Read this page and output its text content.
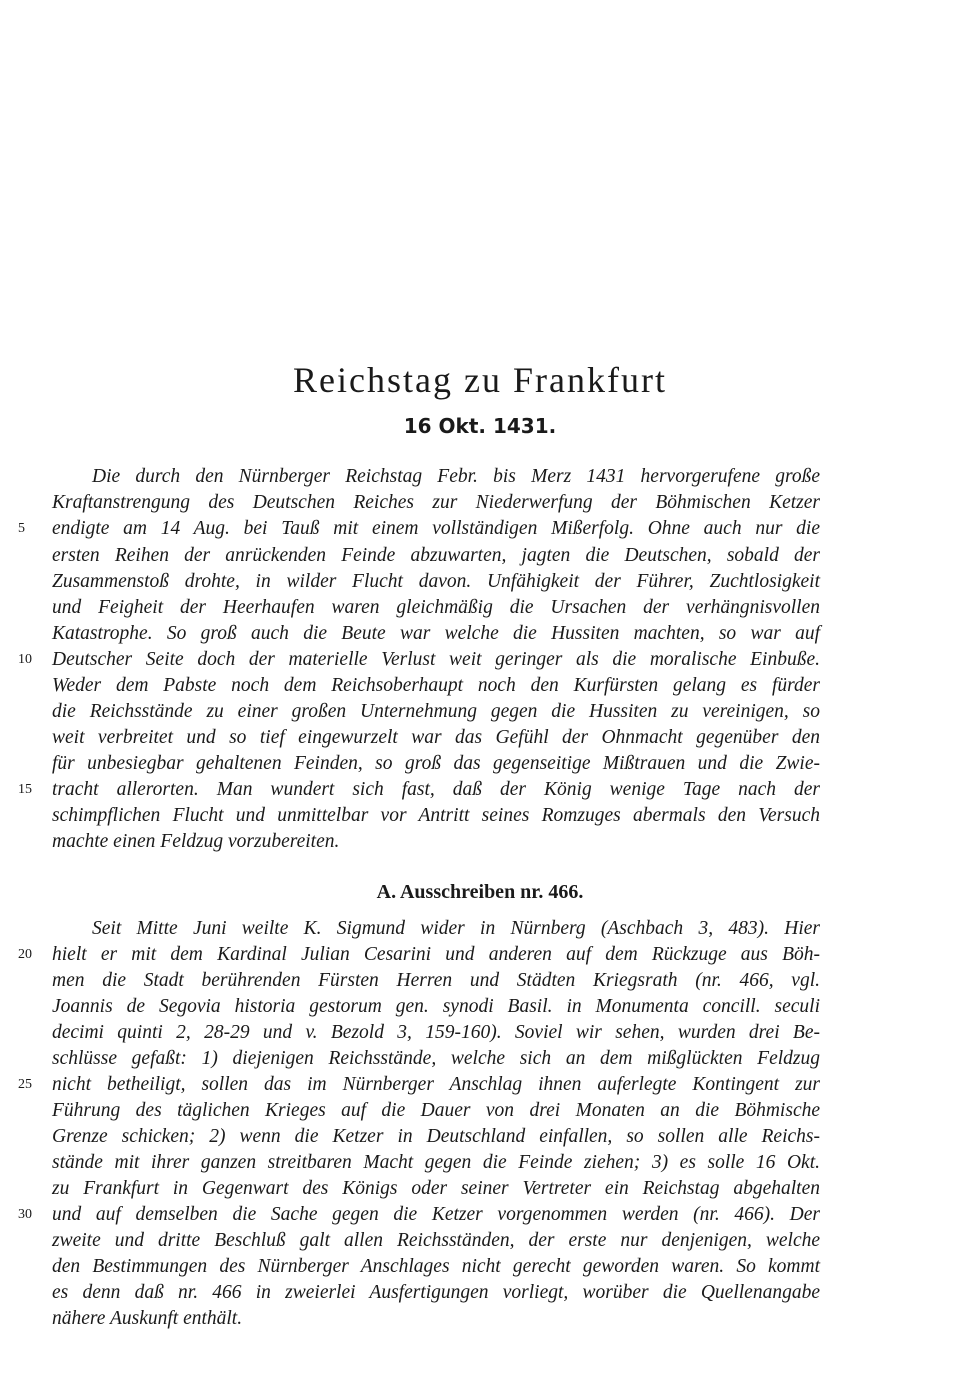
Reichstag zu Frankfurt
16 Okt. 1431.
Die durch den Nürnberger Reichstag Febr. bis Merz 1431 hervorgerufene große
Kraftanstrengung des Deutschen Reiches zur Niederwerfung der Böhmischen Ketzer
endigte am 14 Aug. bei Tauß mit einem vollständigen Mißerfolg. Ohne auch nur die
ersten Reihen der anrückenden Feinde abzuwarten, jagten die Deutschen, sobald der
Zusammenstoß drohte, in wilder Flucht davon. Unfähigkeit der Führer, Zuchtlosigkeit
und Feigheit der Heerhaufen waren gleichmäßig die Ursachen der verhängnisvollen
Katastrophe. So groß auch die Beute war welche die Hussiten machten, so war auf
Deutscher Seite doch der materielle Verlust weit geringer als die moralische Einbuße.
Weder dem Pabste noch dem Reichsoberhaupt noch den Kurfürsten gelang es fürder
die Reichsstände zu einer großen Unternehmung gegen die Hussiten zu vereinigen, so
weit verbreitet und so tief eingewurzelt war das Gefühl der Ohnmacht gegenüber den
für unbesiegbar gehaltenen Feinden, so groß das gegenseitige Mißtrauen und die Zwie-
tracht allerorten. Man wundert sich fast, daß der König wenige Tage nach der
schimpflichen Flucht und unmittelbar vor Antritt seines Romzuges abermals den Versuch
machte einen Feldzug vorzubereiten.
A. Ausschreiben nr. 466.
Seit Mitte Juni weilte K. Sigmund wider in Nürnberg (Aschbach 3, 483). Hier
hielt er mit dem Kardinal Julian Cesarini und anderen auf dem Rückzuge aus Böh-
men die Stadt berührenden Fürsten Herren und Städten Kriegsrath (nr. 466, vgl.
Joannis de Segovia historia gestorum gen. synodi Basil. in Monumenta concill. seculi
decimi quinti 2, 28-29 und v. Bezold 3, 159-160). Soviel wir sehen, wurden drei Be-
schlüsse gefaßt: 1) diejenigen Reichsstände, welche sich an dem mißglückten Feldzug
nicht betheiligt, sollen das im Nürnberger Anschlag ihnen auferlegte Kontingent zur
Führung des täglichen Krieges auf die Dauer von drei Monaten an die Böhmische
Grenze schicken; 2) wenn die Ketzer in Deutschland einfallen, so sollen alle Reichs-
stände mit ihrer ganzen streitbaren Macht gegen die Feinde ziehen; 3) es solle 16 Okt.
zu Frankfurt in Gegenwart des Königs oder seiner Vertreter ein Reichstag abgehalten
und auf demselben die Sache gegen die Ketzer vorgenommen werden (nr. 466). Der
zweite und dritte Beschluß galt allen Reichsständen, der erste nur denjenigen, welche
den Bestimmungen des Nürnberger Anschlages nicht gerecht geworden waren. So kommt
es denn daß nr. 466 in zweierlei Ausfertigungen vorliegt, worüber die Quellenangabe
nähere Auskunft enthält.
5
10
15
20
25
30
